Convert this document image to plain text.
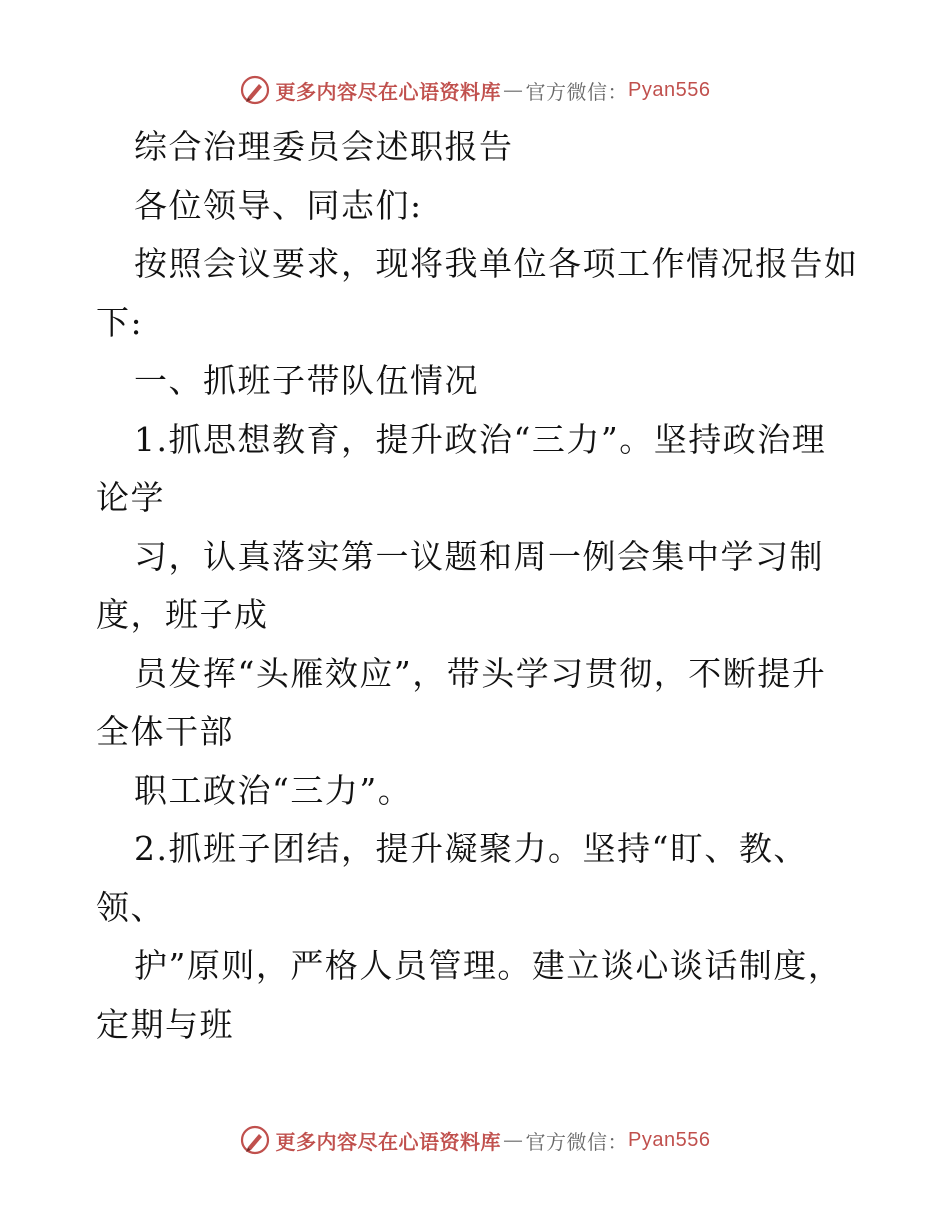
更多内容尽在心语资料库 — 官方微信： Pyan556
综合治理委员会述职报告
各位领导、同志们:
按照会议要求，现将我单位各项工作情况报告如
下:
一、抓班子带队伍情况
1.抓思想教育，提升政治“三力”。坚持政治理
论学
习，认真落实第一议题和周一例会集中学习制
度，班子成
员发挥“头雁效应”，带头学习贯彻，不断提升
全体干部
职工政治“三力”。
2.抓班子团结，提升凝聚力。坚持“盯、教、
领、
护”原则，严格人员管理。建立谈心谈话制度，
定期与班
更多内容尽在心语资料库 — 官方微信： Pyan556
